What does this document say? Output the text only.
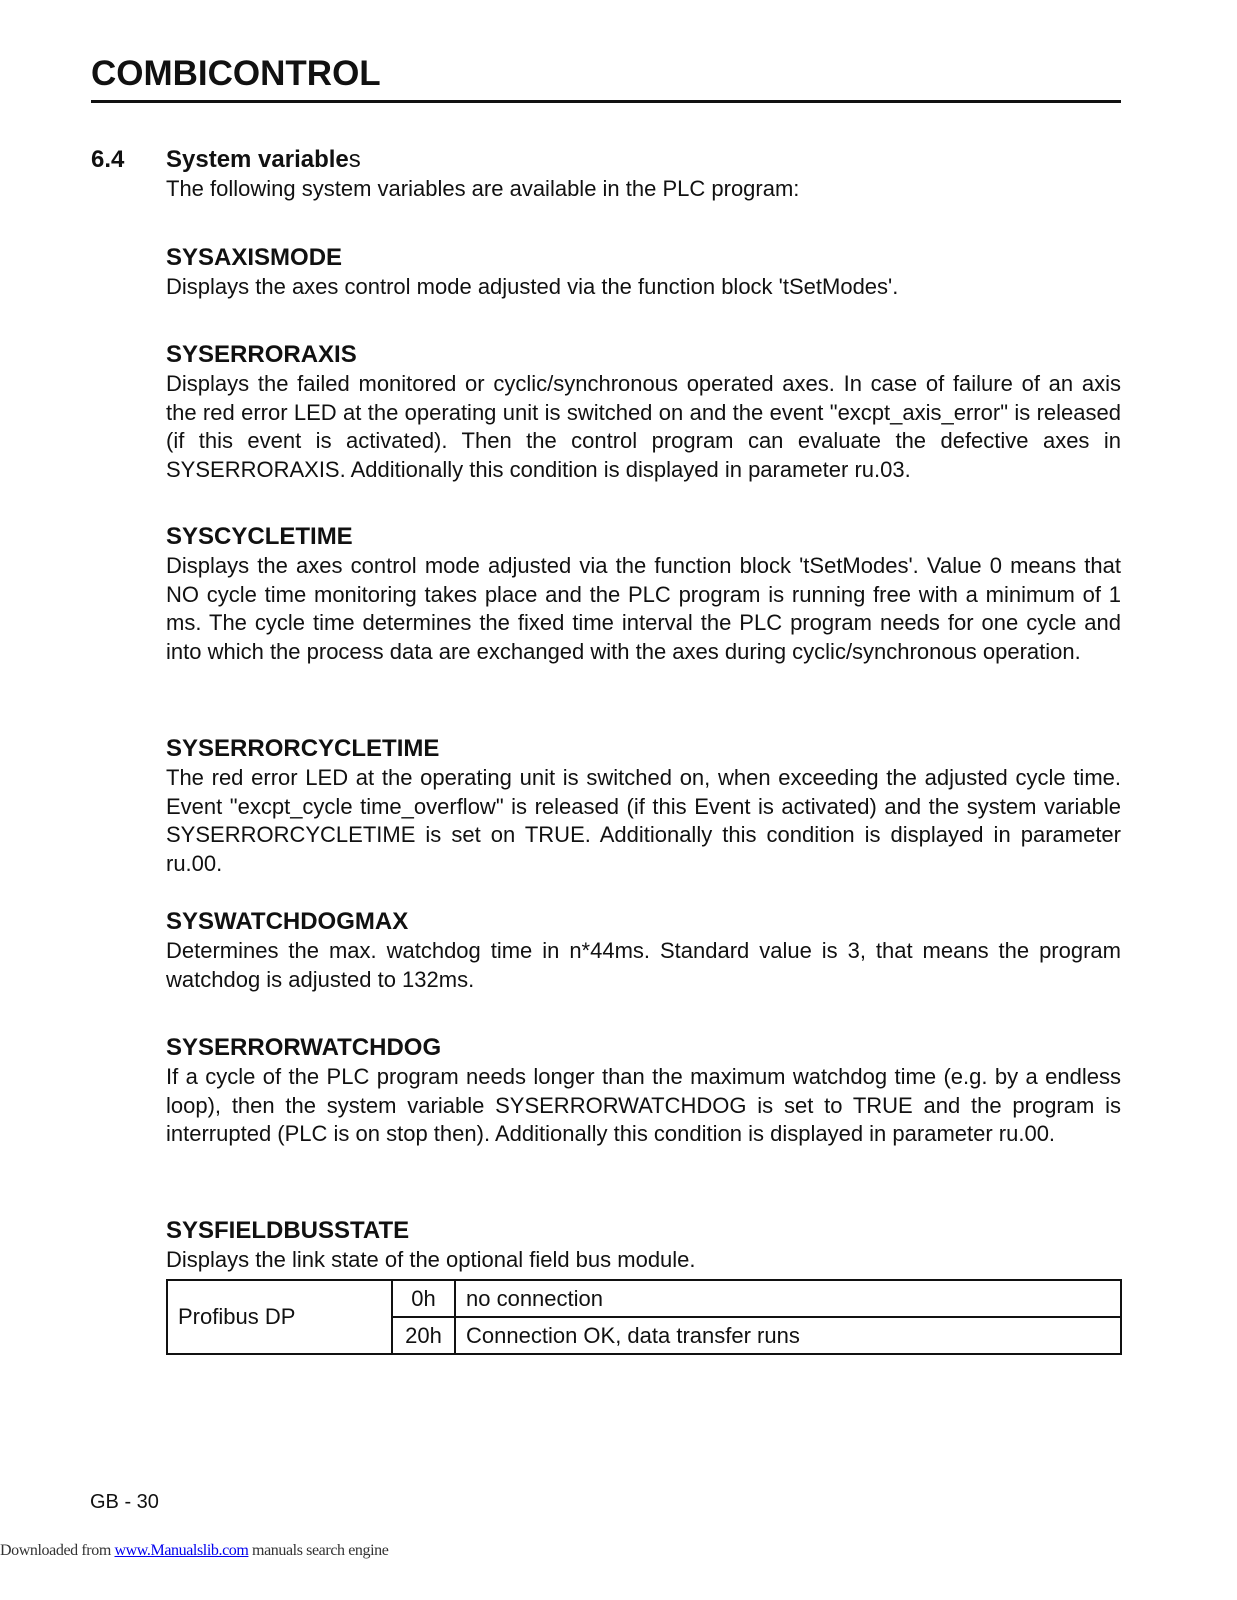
COMBICONTROL
6.4 System variables
The following system variables are available in the PLC program:
SYSAXISMODE

Displays the axes control mode adjusted via the function block 'tSetModes'.

SYSERRORAXIS

Displays the failed monitored or cyclic/synchronous operated axes. In case of failure of an axis the red error LED at the operating unit is switched on and the event "excpt_axis_error" is released (if this event is activated). Then the control program can evaluate the defective axes in SYSERRORAXIS. Additionally this condition is displayed in parameter ru.03.

SYSCYCLETIME

Displays the axes control mode adjusted via the function block 'tSetModes'. Value 0 means that NO cycle time monitoring takes place and the PLC program is running free with a minimum of 1 ms. The cycle time determines the fixed time interval the PLC program needs for one cycle and into which the process data are exchanged with the axes during cyclic/synchronous operation.

SYSERRORCYCLETIME

The red error LED at the operating unit is switched on, when exceeding the adjusted cycle time. Event "excpt_cycle time_overflow" is released (if this Event is activated) and the system variable SYSERRORCYCLETIME is set on TRUE. Additionally this condition is displayed in parameter ru.00.

SYSWATCHDOGMAX

Determines the max. watchdog time in n*44ms. Standard value is 3, that means the program watchdog is adjusted to 132ms.

SYSERRORWATCHDOG

If a cycle of the PLC program needs longer than the maximum watchdog time (e.g. by a endless loop), then the system variable SYSERRORWATCHDOG is set to TRUE and the program is interrupted (PLC is on stop then). Additionally this condition is displayed in parameter ru.00.

SYSFIELDBUSSTATE

Displays the link state of the optional field bus module.

Profibus DP	0h	no connection
	20h	Connection OK, data transfer runs
GB - 30
Downloaded from www.Manualslib.com manuals search engine
